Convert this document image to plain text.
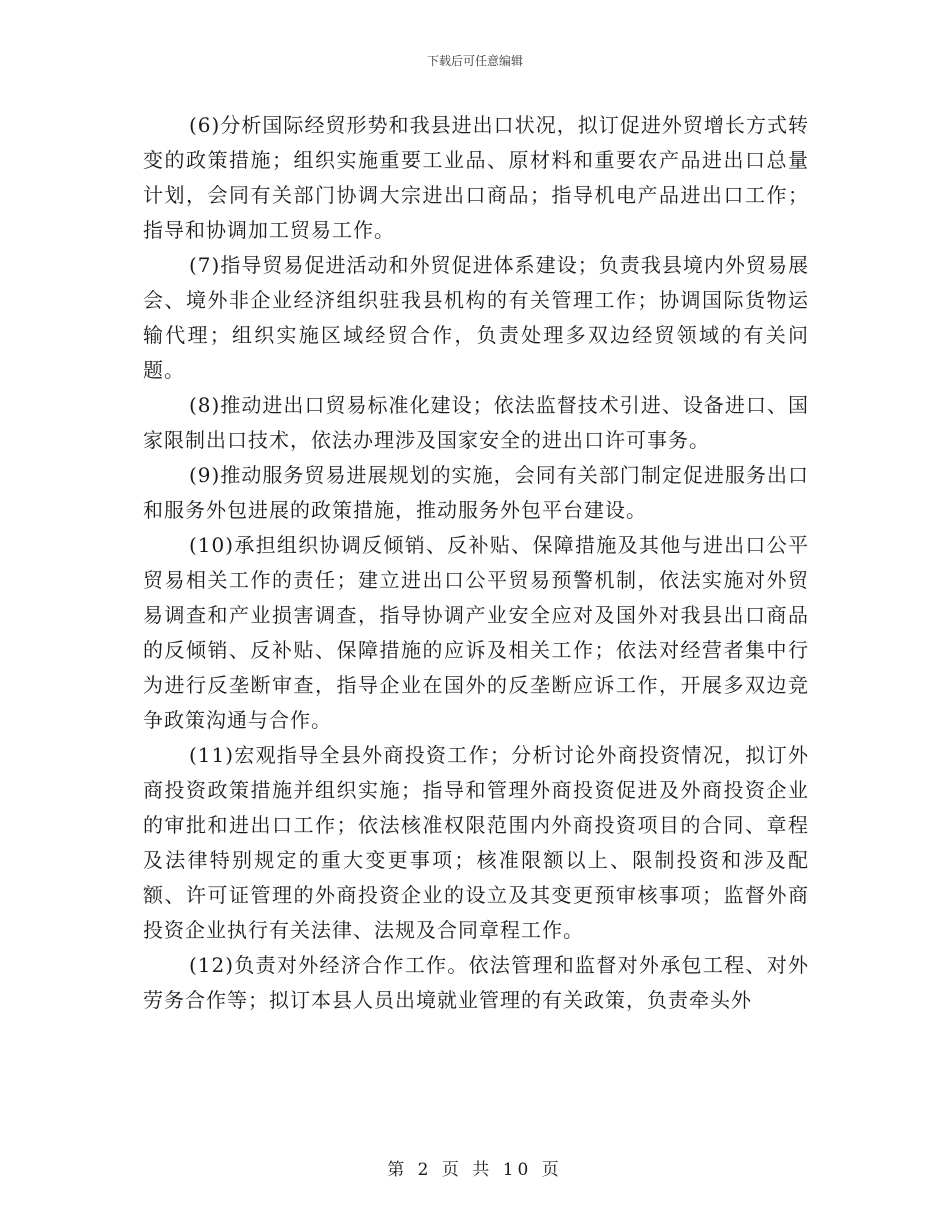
下载后可任意编辑

(6)分析国际经贸形势和我县进出口状况，拟订促进外贸增长方式转变的政策措施；组织实施重要工业品、原材料和重要农产品进出口总量计划，会同有关部门协调大宗进出口商品；指导机电产品进出口工作；指导和协调加工贸易工作。

(7)指导贸易促进活动和外贸促进体系建设；负责我县境内外贸易展会、境外非企业经济组织驻我县机构的有关管理工作；协调国际货物运输代理；组织实施区域经贸合作，负责处理多双边经贸领域的有关问题。

(8)推动进出口贸易标准化建设；依法监督技术引进、设备进口、国家限制出口技术，依法办理涉及国家安全的进出口许可事务。

(9)推动服务贸易进展规划的实施，会同有关部门制定促进服务出口和服务外包进展的政策措施，推动服务外包平台建设。

(10)承担组织协调反倾销、反补贴、保障措施及其他与进出口公平贸易相关工作的责任；建立进出口公平贸易预警机制，依法实施对外贸易调查和产业损害调查，指导协调产业安全应对及国外对我县出口商品的反倾销、反补贴、保障措施的应诉及相关工作；依法对经营者集中行为进行反垄断审查，指导企业在国外的反垄断应诉工作，开展多双边竞争政策沟通与合作。

(11)宏观指导全县外商投资工作；分析讨论外商投资情况，拟订外商投资政策措施并组织实施；指导和管理外商投资促进及外商投资企业的审批和进出口工作；依法核准权限范围内外商投资项目的合同、章程及法律特别规定的重大变更事项；核准限额以上、限制投资和涉及配额、许可证管理的外商投资企业的设立及其变更预审核事项；监督外商投资企业执行有关法律、法规及合同章程工作。

(12)负责对外经济合作工作。依法管理和监督对外承包工程、对外劳务合作等；拟订本县人员出境就业管理的有关政策，负责牵头外

第 2 页 共 10 页
